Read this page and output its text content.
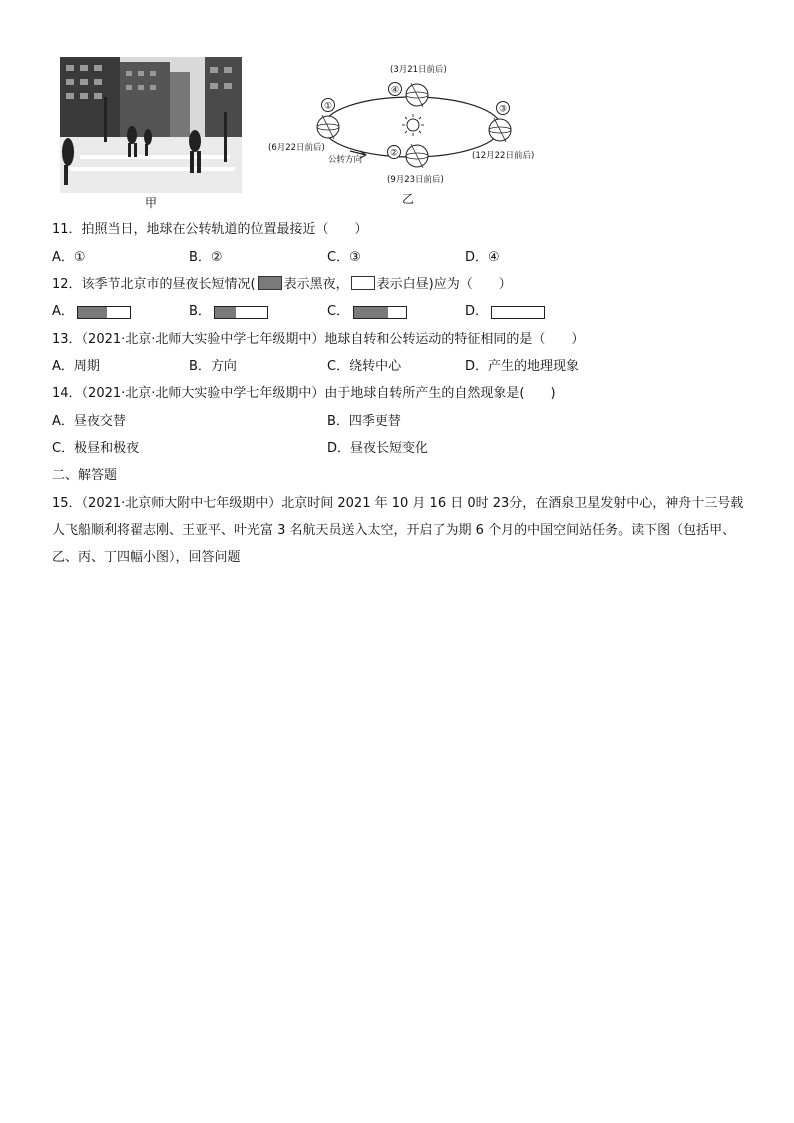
甲
①
②
③
④
(6月22日前后)
(9月23日前后)
(12月22日前后)
(3月21日前后)
公转方向
乙
11．拍照当日，地球在公转轨道的位置最接近（　　）
A．①	B．②	C．③	D．④
12．该季节北京市的昼夜长短情况( 表示黑夜， 表示白昼)应为（　　）
A．	B．	C．	D．
13．（2021·北京·北师大实验中学七年级期中）地球自转和公转运动的特征相同的是（　　）
A．周期	B．方向	C．绕转中心	D．产生的地理现象
14．（2021·北京·北师大实验中学七年级期中）由于地球自转所产生的自然现象是(　　)
A．昼夜交替	B．四季更替
C．极昼和极夜	D．昼夜长短变化
二、解答题
15．（2021·北京师大附中七年级期中）北京时间 2021 年 10 月 16 日 0时 23分，在酒泉卫星发射中心，神舟十三号载人飞船顺利将翟志刚、王亚平、叶光富 3 名航天员送入太空，开启了为期 6 个月的中国空间站任务。读下图（包括甲、乙、丙、丁四幅小图），回答问题
